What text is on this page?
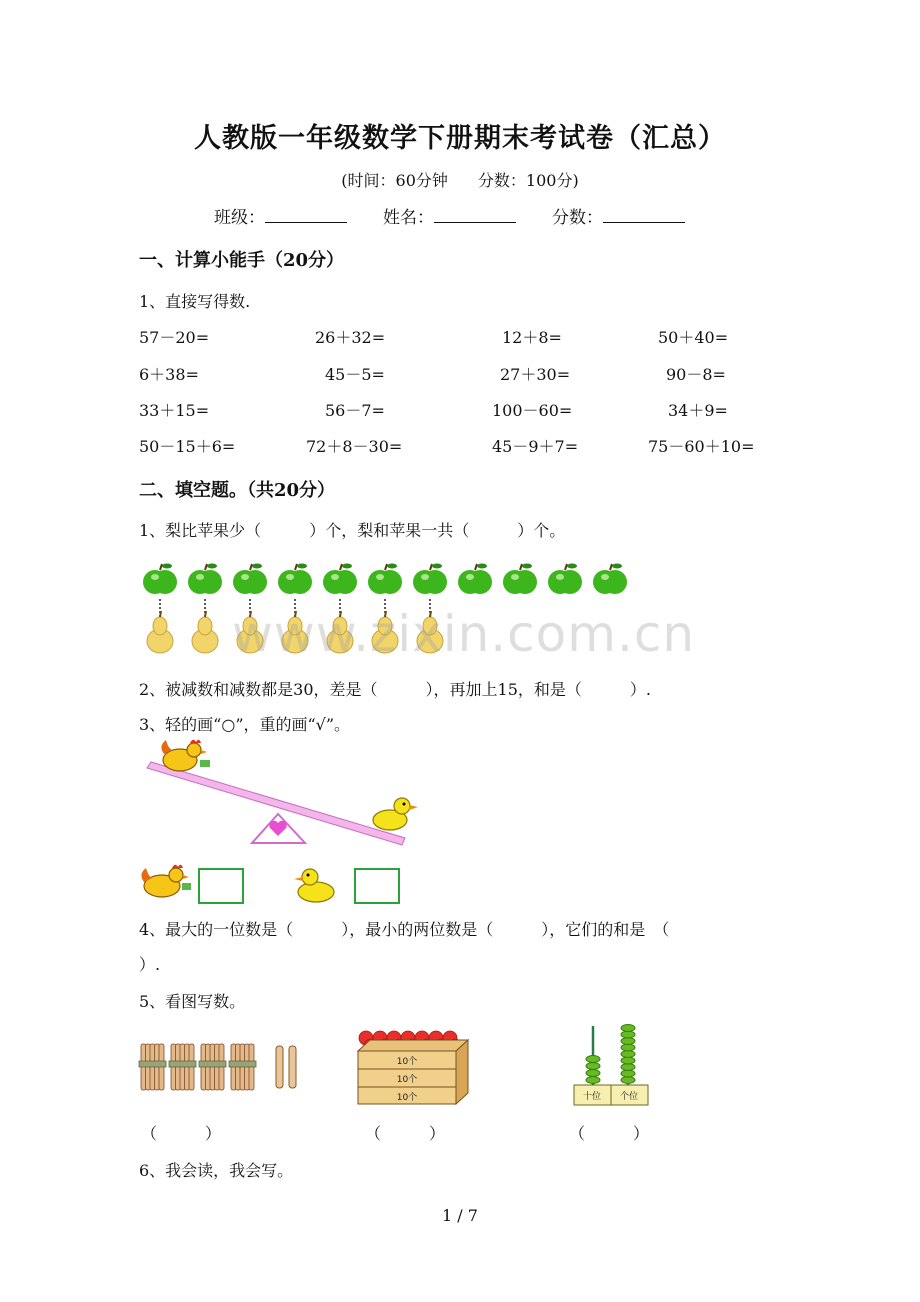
人教版一年级数学下册期末考试卷（汇总）
(时间：60分钟 分数：100分)
班级：	姓名：	分数：
一、计算小能手（20分）
1、直接写得数.
57－20=	26＋32=	12＋8=	50＋40=
6＋38=	45－5=	27＋30=	90－8=
33＋15=	56－7=	100－60=	34＋9=
50－15＋6=	72＋8－30=	45－9＋7=	75－60＋10=
二、填空题。（共20分）
1、梨比苹果少（	）个，梨和苹果一共（	）个。
www.zixin.com.cn
2、被减数和减数都是30，差是（	），再加上15，和是（	）.
3、轻的画“○”，重的画“√”。
4、最大的一位数是（	），最小的两位数是（	），它们的和是　（
）.
5、看图写数。
10个
10个
10个	十位 个位
（　　　）	（　　　）	（　　　）
6、我会读，我会写。
1 / 7
